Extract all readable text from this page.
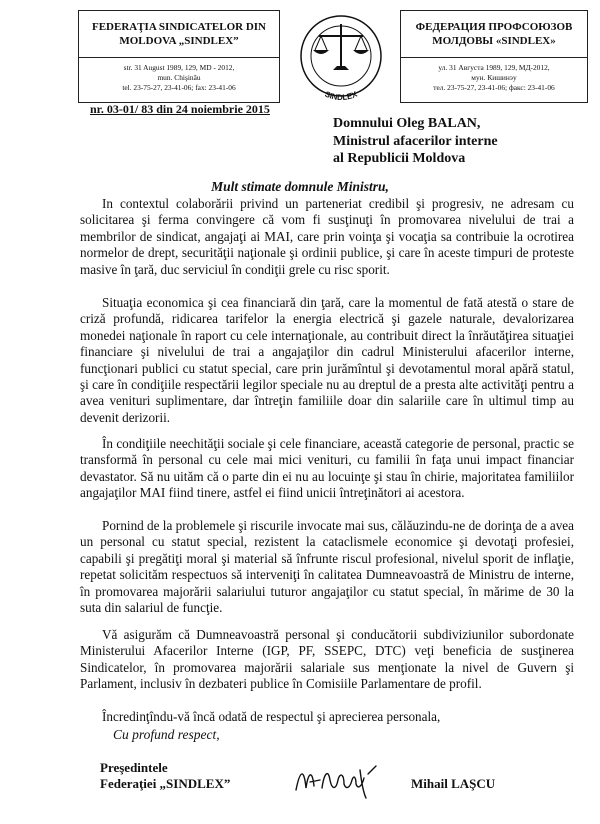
FEDERAŢIA SINDICATELOR DIN
MOLDOVA „SINDLEX”
str. 31 August 1989, 129, MD - 2012,
mun. Chişinău
tel. 23-75-27, 23-41-06; fax: 23-41-06
SINDLEX
ФЕДЕРАЦИЯ ПРОФСОЮЗОВ
МОЛДОВЫ «SINDLEX»
ул. 31 Августа 1989, 129, МД-2012,
мун. Кишинэу
тел. 23-75-27, 23-41-06; факс: 23-41-06
nr. 03-01/ 83 din 24 noiembrie 2015
Domnului Oleg BALAN,
Ministrul afacerilor interne
al Republicii Moldova
Mult stimate domnule Ministru,

In contextul colaborării privind un parteneriat credibil şi progresiv, ne adresam cu solicitarea şi ferma convingere că vom fi susţinuţi în promovarea nivelului de trai a membrilor de sindicat, angajaţi ai MAI, care prin voinţa şi vocaţia sa contribuie la ocrotirea normelor de drept, securităţii naţionale şi ordinii publice, şi care în aceste timpuri de proteste masive în ţară, duc serviciul în condiţii grele cu risc sporit.

Situaţia economica şi cea financiară din ţară, care la momentul de fată atestă o stare de criză profundă, ridicarea tarifelor la energia electrică şi gazele naturale, devalorizarea monedei naţionale în raport cu cele internaţionale, au contribuit direct la înrăutăţirea situaţiei financiare şi nivelului de trai a angajaţilor din cadrul Ministerului afacerilor interne, funcţionari publici cu statut special, care prin jurămîntul şi devotamentul moral apără statul, şi care în condiţiile respectării legilor speciale nu au dreptul de a presta alte activităţi pentru a avea venituri suplimentare, dar întreţin familiile doar din salariile care în ultimul timp au devenit derizorii.

În condiţiile neechităţii sociale şi cele financiare, această categorie de personal, practic se transformă în personal cu cele mai mici venituri, cu familii în faţa unui impact financiar devastator. Să nu uităm că o parte din ei nu au locuinţe şi stau în chirie, majoritatea familiilor angajaţilor MAI fiind tinere, astfel ei fiind unicii întreţinători ai acestora.

Pornind de la problemele şi riscurile invocate mai sus, călăuzindu-ne de dorinţa de a avea un personal cu statut special, rezistent la cataclismele economice şi devotaţi profesiei, capabili şi pregătiţi moral şi material să înfrunte riscul profesional, nivelul sporit de inflaţie, repetat solicităm respectuos să interveniţi în calitatea Dumneavoastră de Ministru de interne, în promovarea majorării salariului tuturor angajaţilor cu statut special, în mărime de 30 la suta din salariul de funcţie.

Vă asigurăm că Dumneavoastră personal şi conducătorii subdiviziunilor subordonate Ministerului Afacerilor Interne (IGP, PF, SSEPC, DTC) veţi beneficia de susţinerea Sindicatelor, în promovarea majorării salariale sus menţionate la nivel de Guvern şi Parlament, inclusiv în dezbateri publice în Comisiile Parlamentare de profil.

Încredinţîndu-vă încă odată de respectul şi aprecierea personala,

Cu profund respect,
Preşedintele
Federaţiei „SINDLEX”	Mihail LAŞCU
